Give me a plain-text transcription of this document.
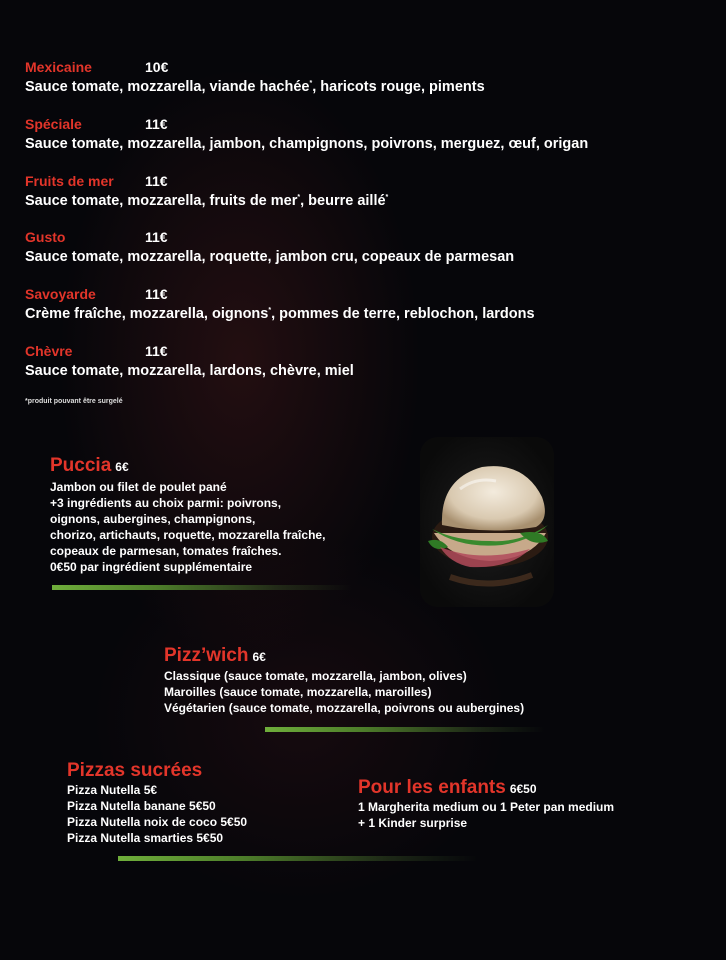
Mexicaine	10€
Sauce tomate, mozzarella, viande hachée*, haricots rouge, piments
Spéciale	11€
Sauce tomate, mozzarella, jambon, champignons, poivrons, merguez, œuf, origan
Fruits de mer 11€
Sauce tomate, mozzarella, fruits de mer*, beurre aillé*
Gusto	11€
Sauce tomate, mozzarella, roquette, jambon cru, copeaux de parmesan
Savoyarde	11€
Crème fraîche, mozzarella, oignons*, pommes de terre, reblochon, lardons
Chèvre	11€
Sauce tomate, mozzarella, lardons, chèvre, miel
*produit pouvant être surgelé
Puccia 6€
Jambon ou filet de poulet pané
+3 ingrédients au choix parmi: poivrons,
oignons, aubergines, champignons,
chorizo, artichauts, roquette, mozzarella fraîche,
copeaux de parmesan, tomates fraîches.
0€50 par ingrédient supplémentaire
Pizz’wich 6€
Classique (sauce tomate, mozzarella, jambon, olives)
Maroilles (sauce tomate, mozzarella, maroilles)
Végétarien (sauce tomate, mozzarella, poivrons ou aubergines)
Pizzas sucrées
Pizza Nutella 5€
Pizza Nutella banane 5€50
Pizza Nutella noix de coco 5€50
Pizza Nutella smarties 5€50
Pour les enfants 6€50
1 Margherita medium ou 1 Peter pan medium
+ 1 Kinder surprise
